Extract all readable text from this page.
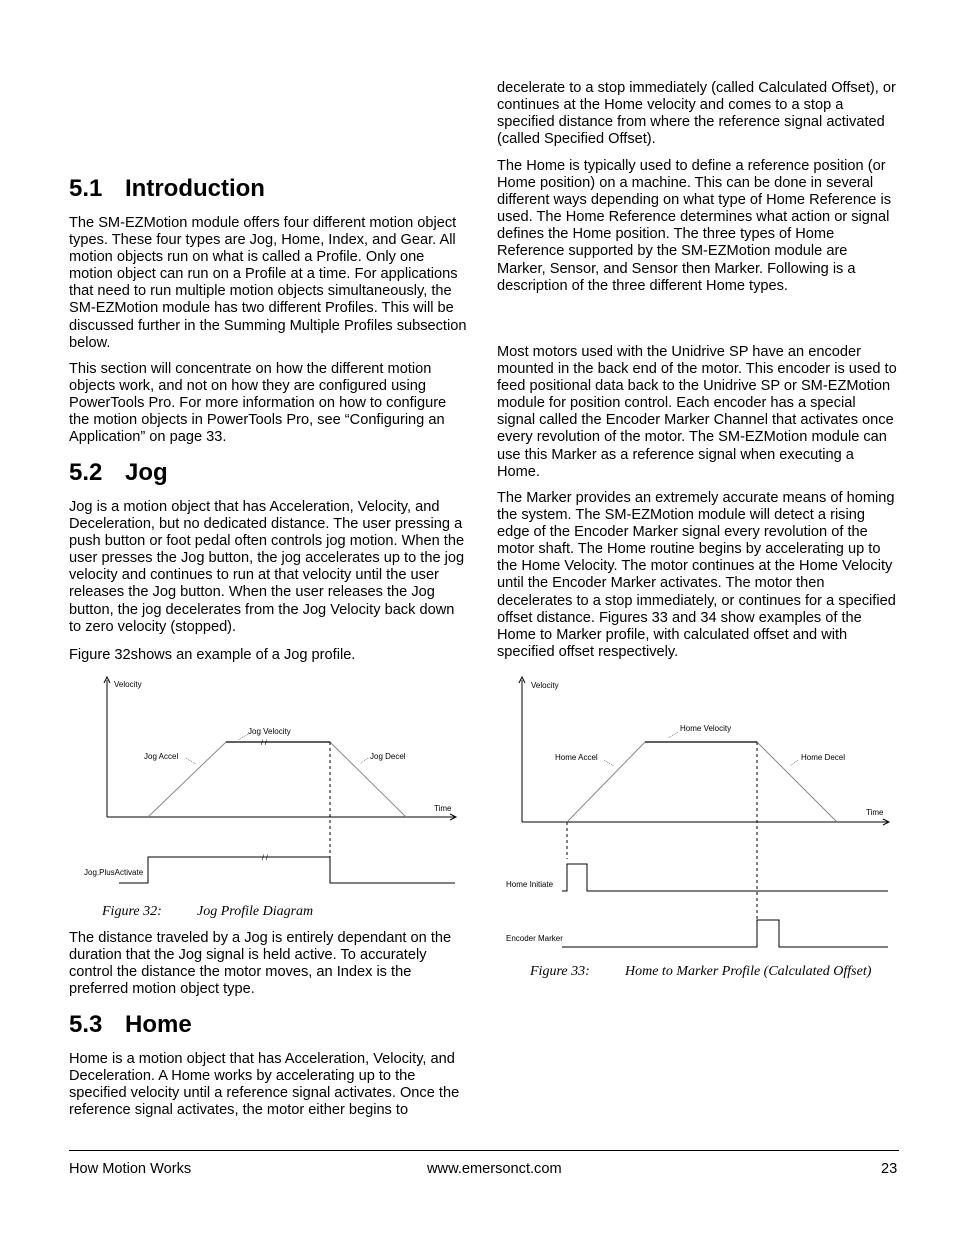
5.1 Introduction

The SM-EZMotion module offers four different motion object types. These four types are Jog, Home, Index, and Gear. All motion objects run on what is called a Profile. Only one motion object can run on a Profile at a time. For applications that need to run multiple motion objects simultaneously, the SM-EZMotion module has two different Profiles. This will be discussed further in the Summing Multiple Profiles subsection below.

This section will concentrate on how the different motion objects work, and not on how they are configured using PowerTools Pro. For more information on how to configure the motion objects in PowerTools Pro, see “Configuring an Application” on page 33.

5.2 Jog

Jog is a motion object that has Acceleration, Velocity, and Deceleration, but no dedicated distance. The user pressing a push button or foot pedal often controls jog motion. When the user presses the Jog button, the jog accelerates up to the jog velocity and continues to run at that velocity until the user releases the Jog button. When the user releases the Jog button, the jog decelerates from the Jog Velocity back down to zero velocity (stopped).

Figure 32shows an example of a Jog profile.

/ /
/ /
Velocity
Time
Jog Accel
Jog Velocity
Jog Decel
Jog.PlusActivate
Figure 32:	Jog Profile Diagram

The distance traveled by a Jog is entirely dependant on the duration that the Jog signal is held active. To accurately control the distance the motor moves, an Index is the preferred motion object type.

5.3 Home

Home is a motion object that has Acceleration, Velocity, and Deceleration. A Home works by accelerating up to the specified velocity until a reference signal activates. Once the reference signal activates, the motor either begins to

decelerate to a stop immediately (called Calculated Offset), or continues at the Home velocity and comes to a stop a specified distance from where the reference signal activated (called Specified Offset).

The Home is typically used to define a reference position (or Home position) on a machine. This can be done in several different ways depending on what type of Home Reference is used. The Home Reference determines what action or signal defines the Home position. The three types of Home Reference supported by the SM-EZMotion module are Marker, Sensor, and Sensor then Marker. Following is a description of the three different Home types.

Most motors used with the Unidrive SP have an encoder mounted in the back end of the motor. This encoder is used to feed positional data back to the Unidrive SP or SM-EZMotion module for position control. Each encoder has a special signal called the Encoder Marker Channel that activates once every revolution of the motor. The SM-EZMotion module can use this Marker as a reference signal when executing a Home.

The Marker provides an extremely accurate means of homing the system. The SM-EZMotion module will detect a rising edge of the Encoder Marker signal every revolution of the motor shaft. The Home routine begins by accelerating up to the Home Velocity. The motor continues at the Home Velocity until the Encoder Marker activates. The motor then decelerates to a stop immediately, or continues for a specified offset distance. Figures 33 and 34 show examples of the Home to Marker profile, with calculated offset and with specified offset respectively.

Velocity
Time
Home Accel
Home Velocity
Home Decel
Home Initiate
Encoder Marker
Figure 33:	Home to Marker Profile (Calculated Offset)
How Motion Works	www.emersonct.com	23
